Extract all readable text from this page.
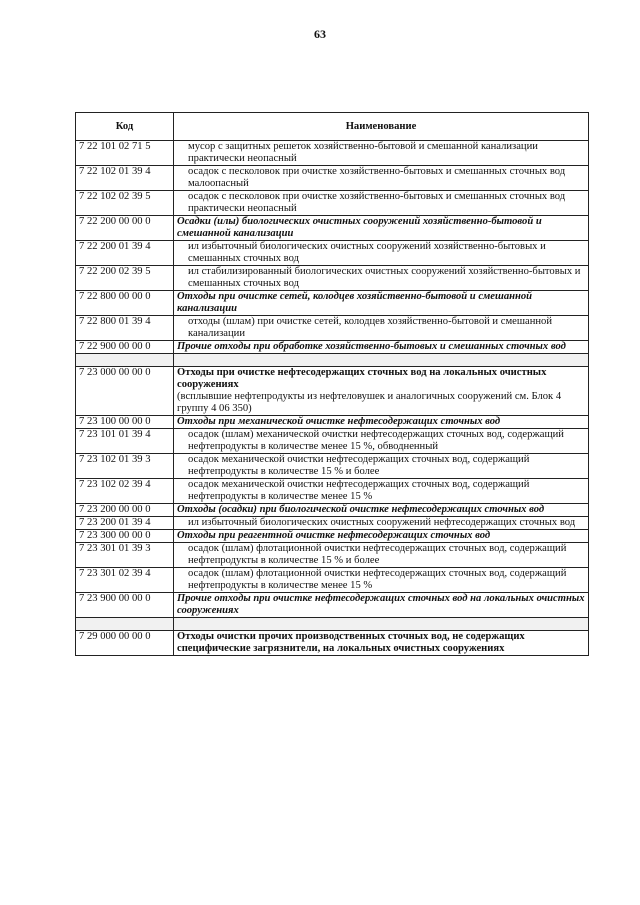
63
Код	Наименование
7 22 101 02 71 5	мусор с защитных решеток хозяйственно-бытовой и смешанной канализации практически неопасный
7 22 102 01 39 4	осадок с песколовок при очистке хозяйственно-бытовых и смешанных сточных вод малоопасный
7 22 102 02 39 5	осадок с песколовок при очистке хозяйственно-бытовых и смешанных сточных вод практически неопасный
7 22 200 00 00 0	Осадки (илы) биологических очистных сооружений хозяйственно-бытовой и смешанной канализации
7 22 200 01 39 4	ил избыточный биологических очистных сооружений хозяйственно-бытовых и смешанных сточных вод
7 22 200 02 39 5	ил стабилизированный биологических очистных сооружений хозяйственно-бытовых и смешанных сточных вод
7 22 800 00 00 0	Отходы при очистке сетей, колодцев хозяйственно-бытовой и смешанной канализации
7 22 800 01 39 4	отходы (шлам) при очистке сетей, колодцев хозяйственно-бытовой и смешанной канализации
7 22 900 00 00 0	Прочие отходы при обработке хозяйственно-бытовых и смешанных сточных вод

7 23 000 00 00 0	Отходы при очистке нефтесодержащих сточных вод на локальных очистных сооружениях
(всплывшие нефтепродукты из нефтеловушек и аналогичных сооружений см. Блок 4 группу 4 06 350)

7 23 100 00 00 0	Отходы при механической очистке нефтесодержащих сточных вод
7 23 101 01 39 4	осадок (шлам) механической очистки нефтесодержащих сточных вод, содержащий нефтепродукты в количестве менее 15 %, обводненный
7 23 102 01 39 3	осадок механической очистки нефтесодержащих сточных вод, содержащий нефтепродукты в количестве 15 % и более
7 23 102 02 39 4	осадок механической очистки нефтесодержащих сточных вод, содержащий нефтепродукты в количестве менее 15 %
7 23 200 00 00 0	Отходы (осадки) при биологической очистке нефтесодержащих сточных вод
7 23 200 01 39 4	ил избыточный биологических очистных сооружений нефтесодержащих сточных вод
7 23 300 00 00 0	Отходы при реагентной очистке нефтесодержащих сточных вод
7 23 301 01 39 3	осадок (шлам) флотационной очистки нефтесодержащих сточных вод, содержащий нефтепродукты в количестве 15 % и более
7 23 301 02 39 4	осадок (шлам) флотационной очистки нефтесодержащих сточных вод, содержащий нефтепродукты в количестве менее 15 %
7 23 900 00 00 0	Прочие отходы при очистке нефтесодержащих сточных вод на локальных очистных сооружениях

7 29 000 00 00 0	Отходы очистки прочих производственных сточных вод, не содержащих специфические загрязнители, на локальных очистных сооружениях
